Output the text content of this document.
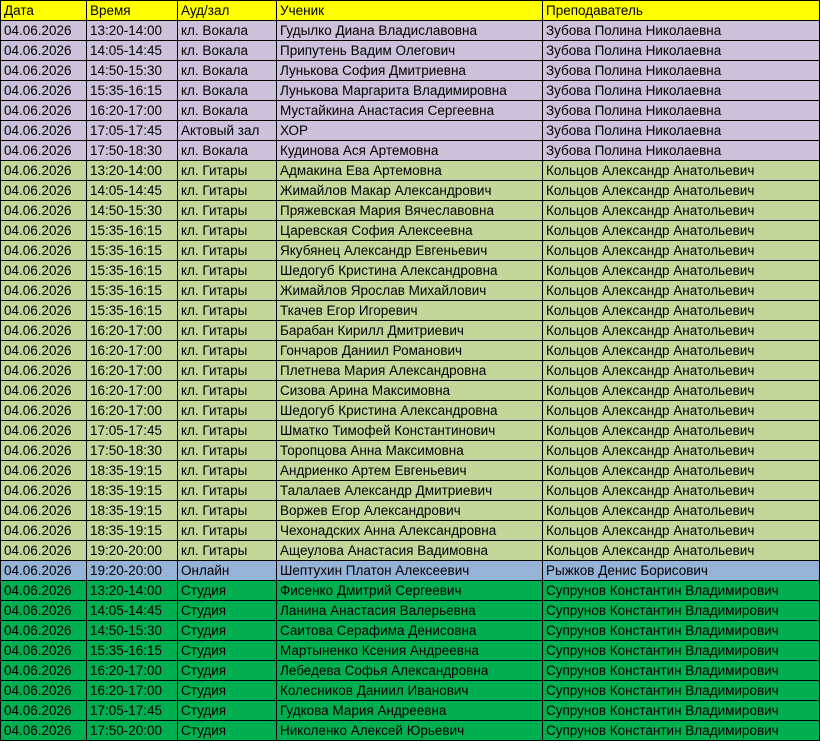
Дата	Время	Ауд/зал	Ученик	Преподаватель
04.06.2026	13:20-14:00	кл. Вокала	Гудылко Диана Владиславовна	Зубова Полина Николаевна
04.06.2026	14:05-14:45	кл. Вокала	Припутень Вадим Олегович	Зубова Полина Николаевна
04.06.2026	14:50-15:30	кл. Вокала	Лунькова София Дмитриевна	Зубова Полина Николаевна
04.06.2026	15:35-16:15	кл. Вокала	Лунькова Маргарита Владимировна	Зубова Полина Николаевна
04.06.2026	16:20-17:00	кл. Вокала	Мустайкина Анастасия Сергеевна	Зубова Полина Николаевна
04.06.2026	17:05-17:45	Актовый зал	ХОР	Зубова Полина Николаевна
04.06.2026	17:50-18:30	кл. Вокала	Кудинова Ася Артемовна	Зубова Полина Николаевна
04.06.2026	13:20-14:00	кл. Гитары	Адмакина Ева Артемовна	Кольцов Александр Анатольевич
04.06.2026	14:05-14:45	кл. Гитары	Жимайлов Макар Александрович	Кольцов Александр Анатольевич
04.06.2026	14:50-15:30	кл. Гитары	Пряжевская Мария Вячеславовна	Кольцов Александр Анатольевич
04.06.2026	15:35-16:15	кл. Гитары	Царевская София Алексеевна	Кольцов Александр Анатольевич
04.06.2026	15:35-16:15	кл. Гитары	Якубянец Александр Евгеньевич	Кольцов Александр Анатольевич
04.06.2026	15:35-16:15	кл. Гитары	Шедогуб Кристина Александровна	Кольцов Александр Анатольевич
04.06.2026	15:35-16:15	кл. Гитары	Жимайлов Ярослав Михайлович	Кольцов Александр Анатольевич
04.06.2026	15:35-16:15	кл. Гитары	Ткачев Егор Игоревич	Кольцов Александр Анатольевич
04.06.2026	16:20-17:00	кл. Гитары	Барабан Кирилл Дмитриевич	Кольцов Александр Анатольевич
04.06.2026	16:20-17:00	кл. Гитары	Гончаров Даниил Романович	Кольцов Александр Анатольевич
04.06.2026	16:20-17:00	кл. Гитары	Плетнева Мария Александровна	Кольцов Александр Анатольевич
04.06.2026	16:20-17:00	кл. Гитары	Сизова Арина Максимовна	Кольцов Александр Анатольевич
04.06.2026	16:20-17:00	кл. Гитары	Шедогуб Кристина Александровна	Кольцов Александр Анатольевич
04.06.2026	17:05-17:45	кл. Гитары	Шматко Тимофей Константинович	Кольцов Александр Анатольевич
04.06.2026	17:50-18:30	кл. Гитары	Торопцова Анна Максимовна	Кольцов Александр Анатольевич
04.06.2026	18:35-19:15	кл. Гитары	Андриенко Артем Евгеньевич	Кольцов Александр Анатольевич
04.06.2026	18:35-19:15	кл. Гитары	Талалаев Александр Дмитриевич	Кольцов Александр Анатольевич
04.06.2026	18:35-19:15	кл. Гитары	Воржев Егор Александрович	Кольцов Александр Анатольевич
04.06.2026	18:35-19:15	кл. Гитары	Чехонадских Анна Александровна	Кольцов Александр Анатольевич
04.06.2026	19:20-20:00	кл. Гитары	Ащеулова Анастасия Вадимовна	Кольцов Александр Анатольевич
04.06.2026	19:20-20:00	Онлайн	Шептухин Платон Алексеевич	Рыжков Денис Борисович
04.06.2026	13:20-14:00	Студия	Фисенко Дмитрий Сергеевич	Супрунов Константин Владимирович
04.06.2026	14:05-14:45	Студия	Ланина Анастасия Валерьевна	Супрунов Константин Владимирович
04.06.2026	14:50-15:30	Студия	Саитова Серафима Денисовна	Супрунов Константин Владимирович
04.06.2026	15:35-16:15	Студия	Мартыненко Ксения Андреевна	Супрунов Константин Владимирович
04.06.2026	16:20-17:00	Студия	Лебедева Софья Александровна	Супрунов Константин Владимирович
04.06.2026	16:20-17:00	Студия	Колесников Даниил Иванович	Супрунов Константин Владимирович
04.06.2026	17:05-17:45	Студия	Гудкова Мария Андреевна	Супрунов Константин Владимирович
04.06.2026	17:50-20:00	Студия	Николенко Алексей Юрьевич	Супрунов Константин Владимирович
